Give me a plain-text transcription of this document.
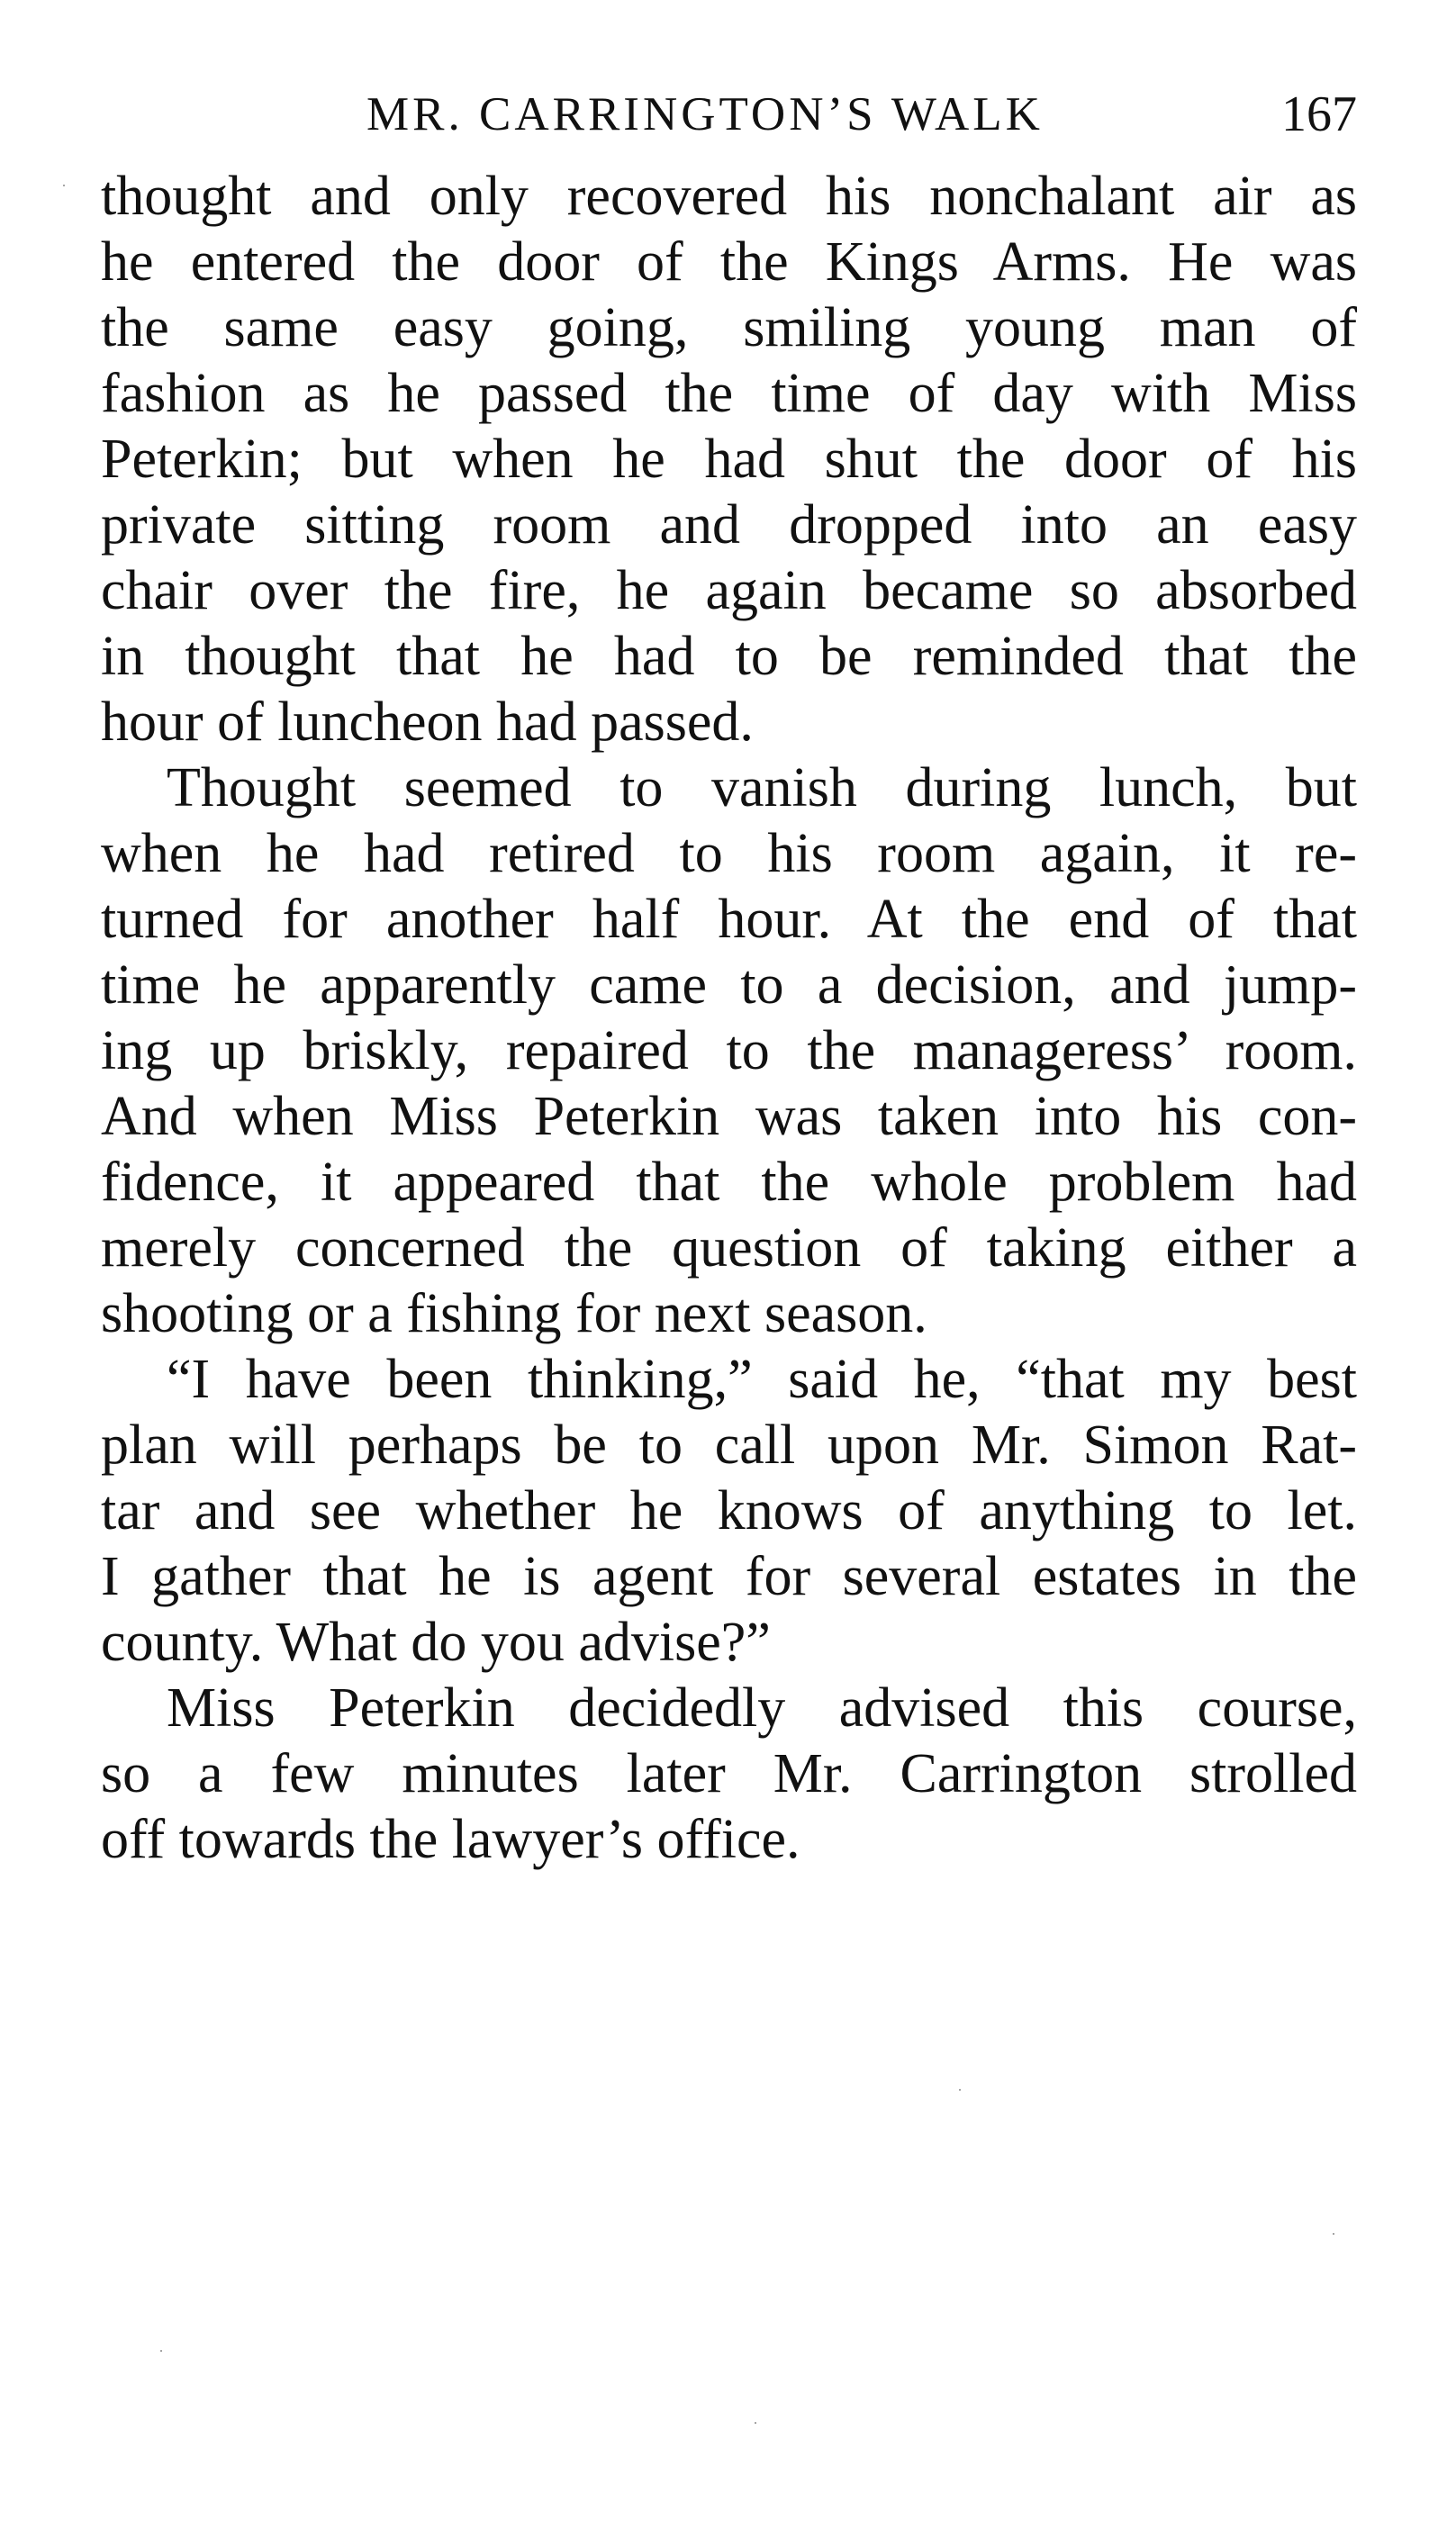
MR. CARRINGTON’S WALK	167
thought and only recovered his nonchalant air as
he entered the door of the Kings Arms. He was
the same easy going, smiling young man of
fashion as he passed the time of day with Miss
Peterkin; but when he had shut the door of his
private sitting room and dropped into an easy
chair over the fire, he again became so absorbed
in thought that he had to be reminded that the
hour of luncheon had passed.
Thought seemed to vanish during lunch, but
when he had retired to his room again, it re-
turned for another half hour. At the end of that
time he apparently came to a decision, and jump-
ing up briskly, repaired to the manageress’ room.
And when Miss Peterkin was taken into his con-
fidence, it appeared that the whole problem had
merely concerned the question of taking either a
shooting or a fishing for next season.
“I have been thinking,” said he, “that my best
plan will perhaps be to call upon Mr. Simon Rat-
tar and see whether he knows of anything to let.
I gather that he is agent for several estates in the
county. What do you advise?”
Miss Peterkin decidedly advised this course,
so a few minutes later Mr. Carrington strolled
off towards the lawyer’s office.
